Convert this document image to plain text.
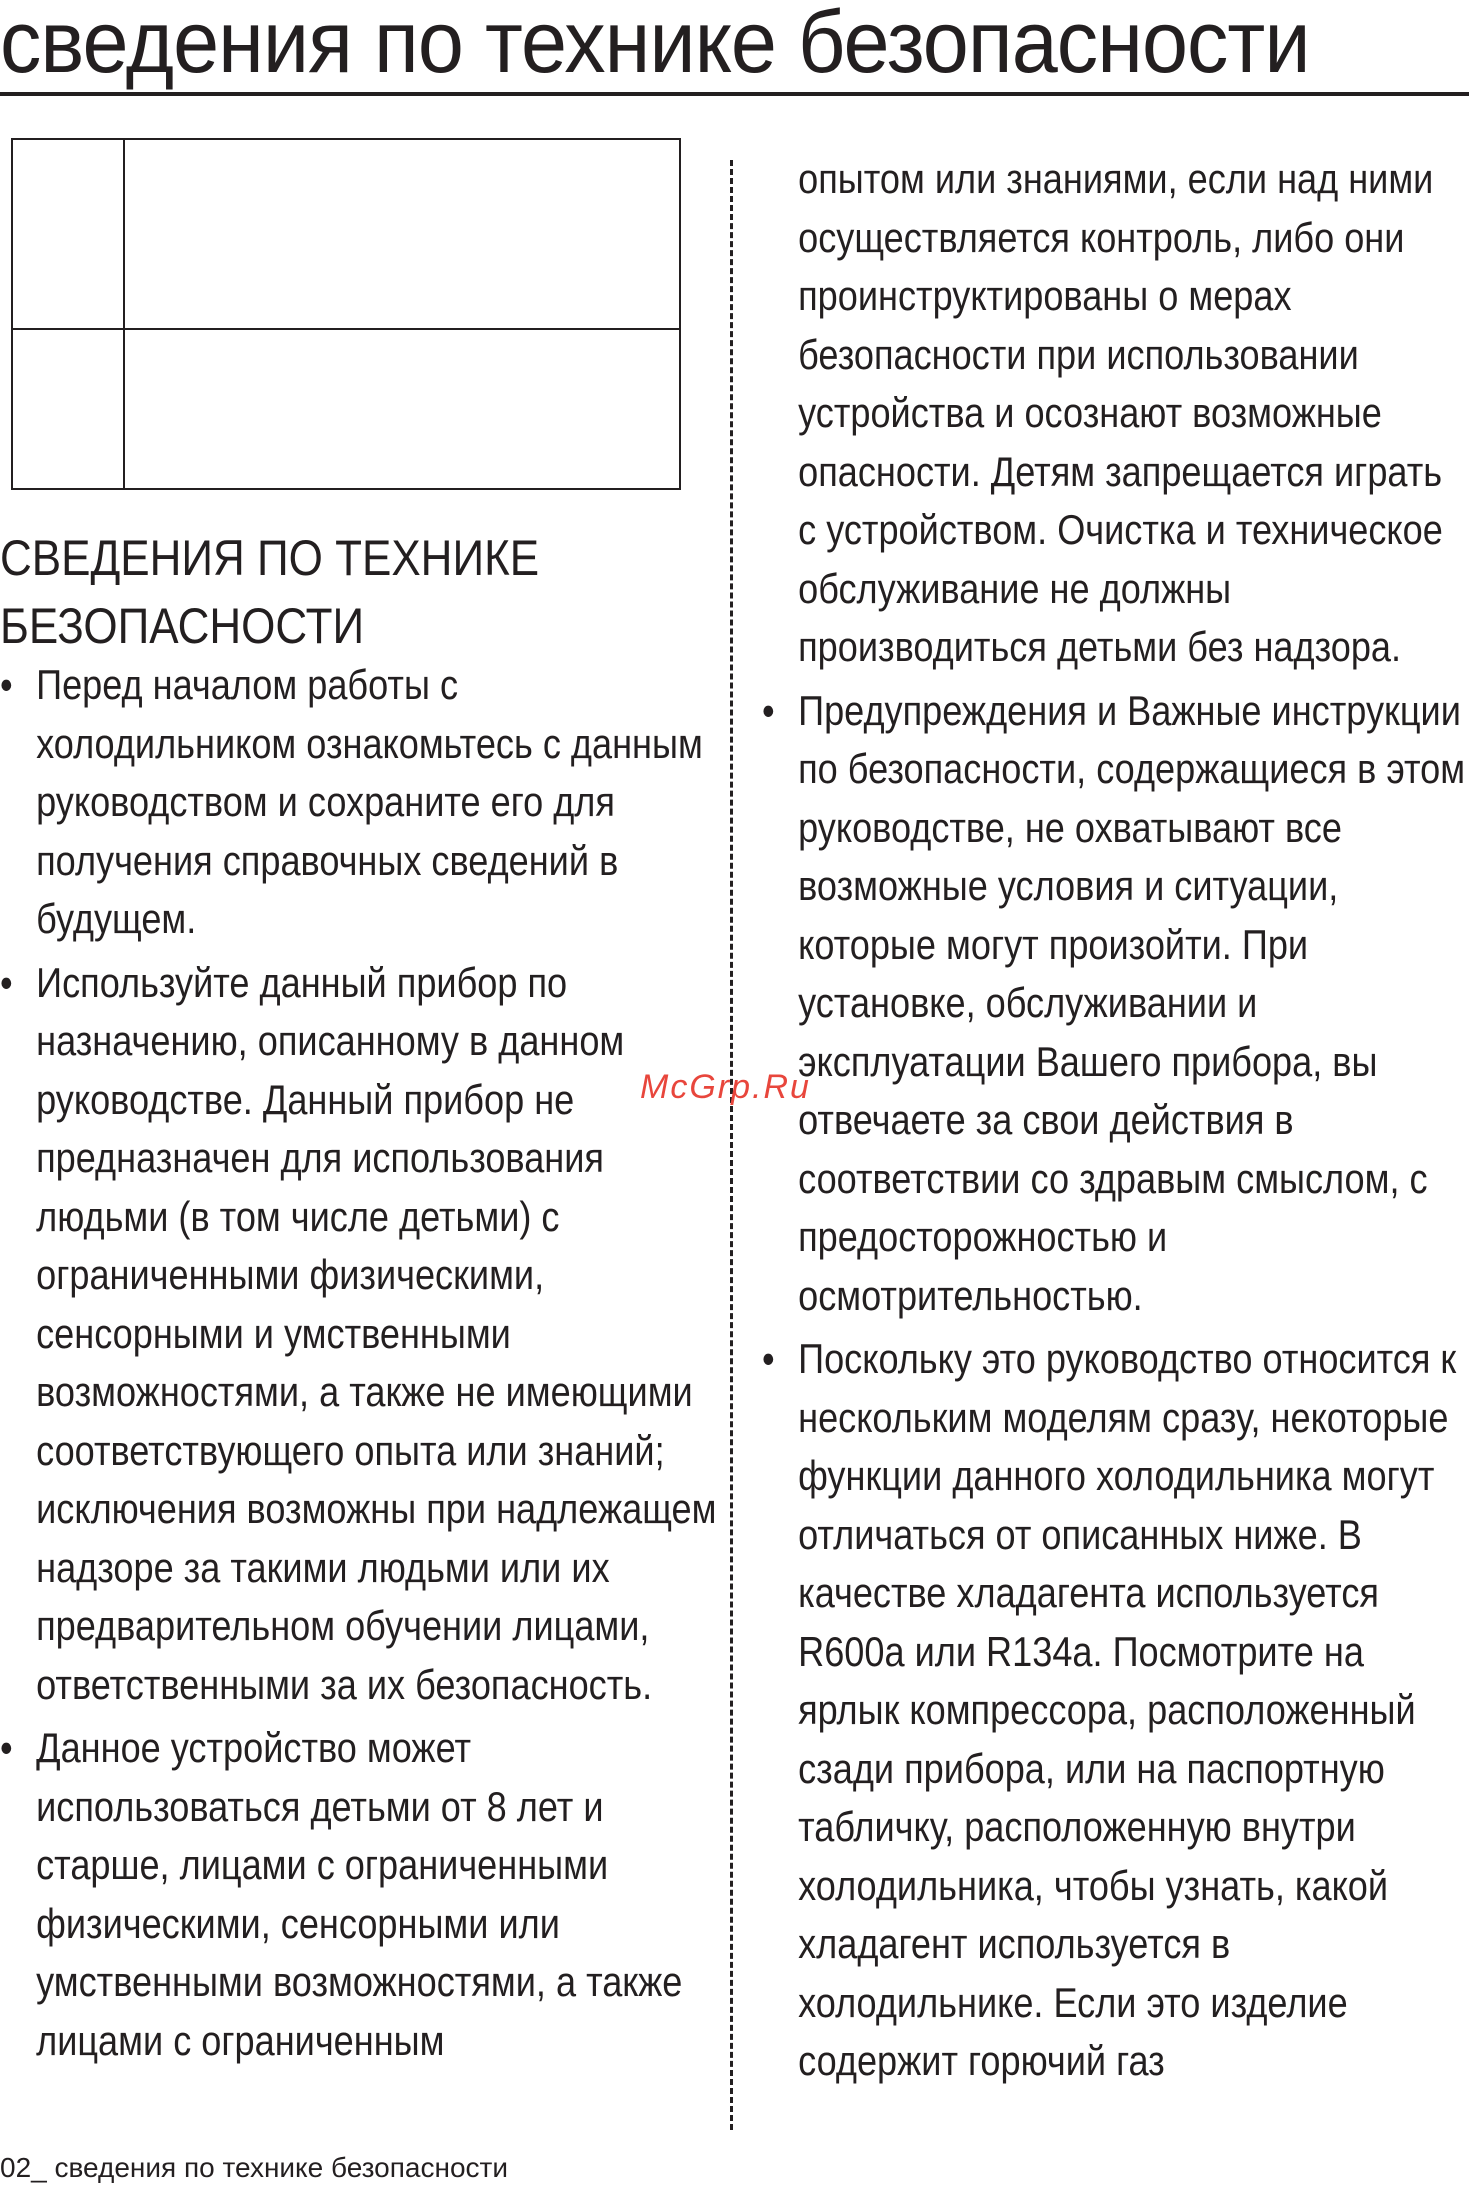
сведения по технике безопасности
СВЕДЕНИЯ ПО ТЕХНИКЕ БЕЗОПАСНОСТИ
• Перед началом работы с холодильником ознакомьтесь с данным руководством и сохраните его для получения справочных сведений в будущем.
• Используйте данный прибор по назначению, описанному в данном руководстве. Данный прибор не предназначен для использования людьми (в том числе детьми) с ограниченными физическими, сенсорными и умственными возможностями, а также не имеющими соответствующего опыта или знаний; исключения возможны при надлежащем надзоре за такими людьми или их предварительном обучении лицами, ответственными за их безопасность.
• Данное устройство может использоваться детьми от 8 лет и старше, лицами с ограниченными физическими, сенсорными или умственными возможностями, а также лицами с ограниченным
опытом или знаниями, если над ними осуществляется контроль, либо они проинструктированы о мерах безопасности при использовании устройства и осознают возможные опасности. Детям запрещается играть с устройством. Очистка и техническое обслуживание не должны производиться детьми без надзора.
• Предупреждения и Важные инструкции по безопасности, содержащиеся в этом руководстве, не охватывают все возможные условия и ситуации, которые могут произойти. При установке, обслуживании и эксплуатации Вашего прибора, вы отвечаете за свои действия в соответствии со здравым смыслом, с предосторожностью и осмотрительностью.
• Поскольку это руководство относится к нескольким моделям сразу, некоторые функции данного холодильника могут отличаться от описанных ниже. В качестве хладагента используется R600a или R134a. Посмотрите на ярлык компрессора, расположенный сзади прибора, или на паспортную табличку, расположенную внутри холодильника, чтобы узнать, какой хладагент используется в холодильнике. Если это изделие содержит горючий газ
McGrp.Ru
02_ сведения по технике безопасности
